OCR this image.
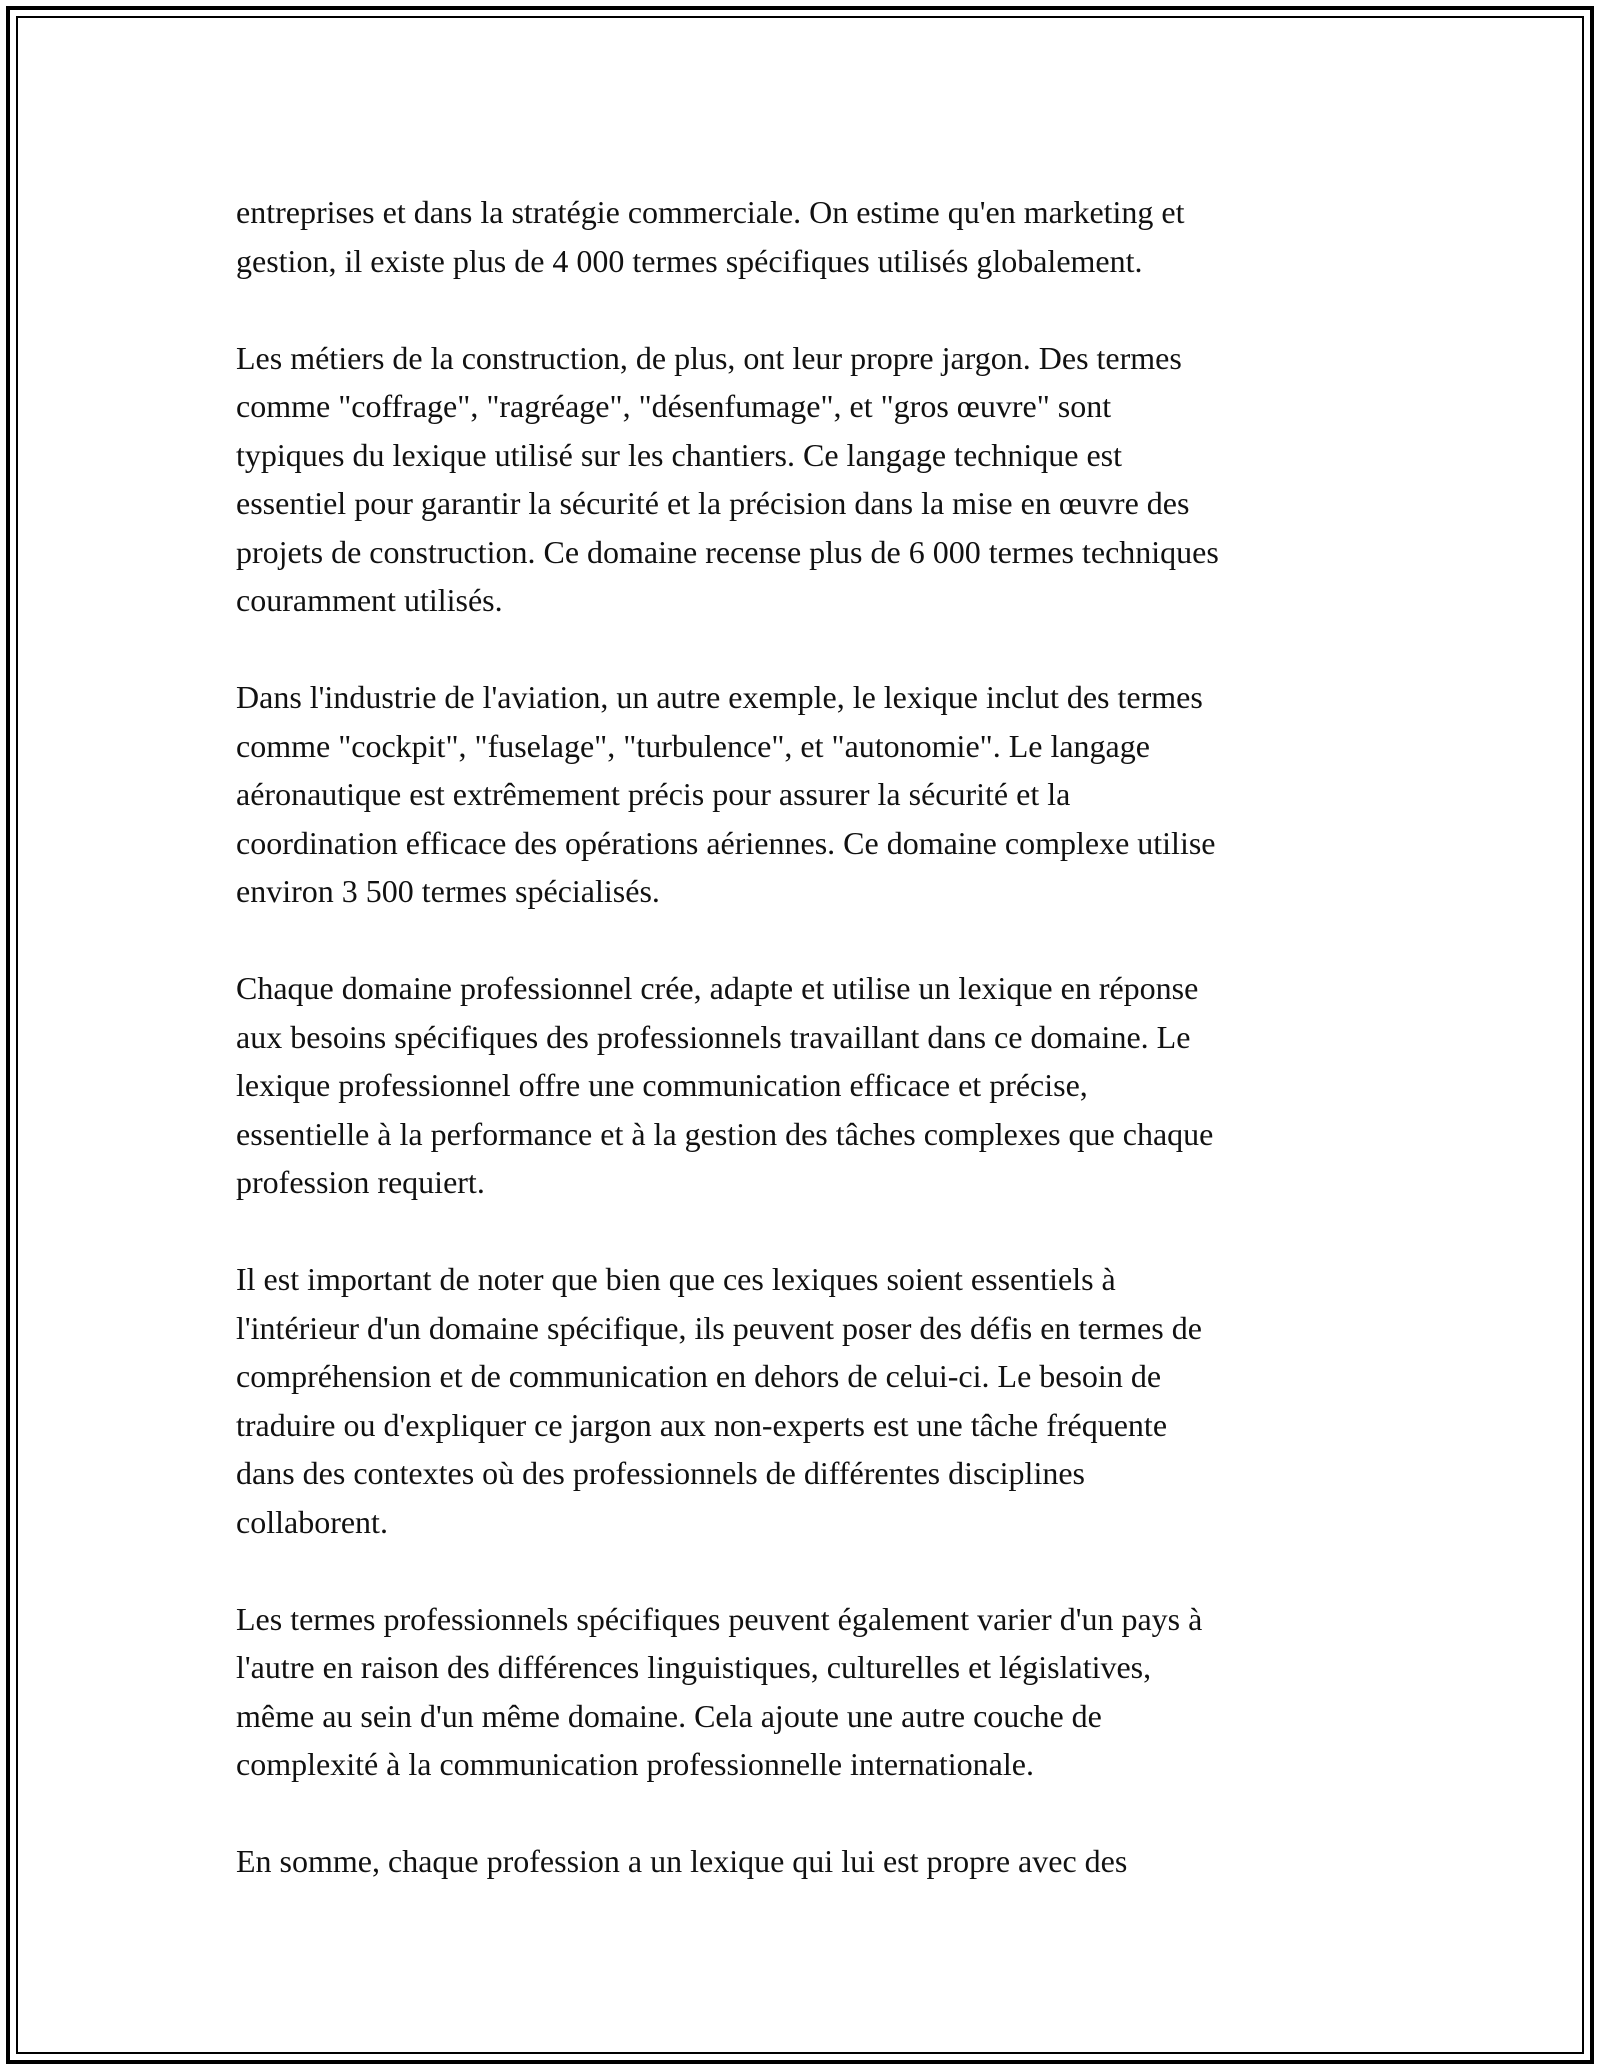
entreprises et dans la stratégie commerciale. On estime qu'en marketing et
gestion, il existe plus de 4 000 termes spécifiques utilisés globalement.

Les métiers de la construction, de plus, ont leur propre jargon. Des termes
comme "coffrage", "ragréage", "désenfumage", et "gros œuvre" sont
typiques du lexique utilisé sur les chantiers. Ce langage technique est
essentiel pour garantir la sécurité et la précision dans la mise en œuvre des
projets de construction. Ce domaine recense plus de 6 000 termes techniques
couramment utilisés.

Dans l'industrie de l'aviation, un autre exemple, le lexique inclut des termes
comme "cockpit", "fuselage", "turbulence", et "autonomie". Le langage
aéronautique est extrêmement précis pour assurer la sécurité et la
coordination efficace des opérations aériennes. Ce domaine complexe utilise
environ 3 500 termes spécialisés.

Chaque domaine professionnel crée, adapte et utilise un lexique en réponse
aux besoins spécifiques des professionnels travaillant dans ce domaine. Le
lexique professionnel offre une communication efficace et précise,
essentielle à la performance et à la gestion des tâches complexes que chaque
profession requiert.

Il est important de noter que bien que ces lexiques soient essentiels à
l'intérieur d'un domaine spécifique, ils peuvent poser des défis en termes de
compréhension et de communication en dehors de celui-ci. Le besoin de
traduire ou d'expliquer ce jargon aux non-experts est une tâche fréquente
dans des contextes où des professionnels de différentes disciplines
collaborent.

Les termes professionnels spécifiques peuvent également varier d'un pays à
l'autre en raison des différences linguistiques, culturelles et législatives,
même au sein d'un même domaine. Cela ajoute une autre couche de
complexité à la communication professionnelle internationale.

En somme, chaque profession a un lexique qui lui est propre avec des
